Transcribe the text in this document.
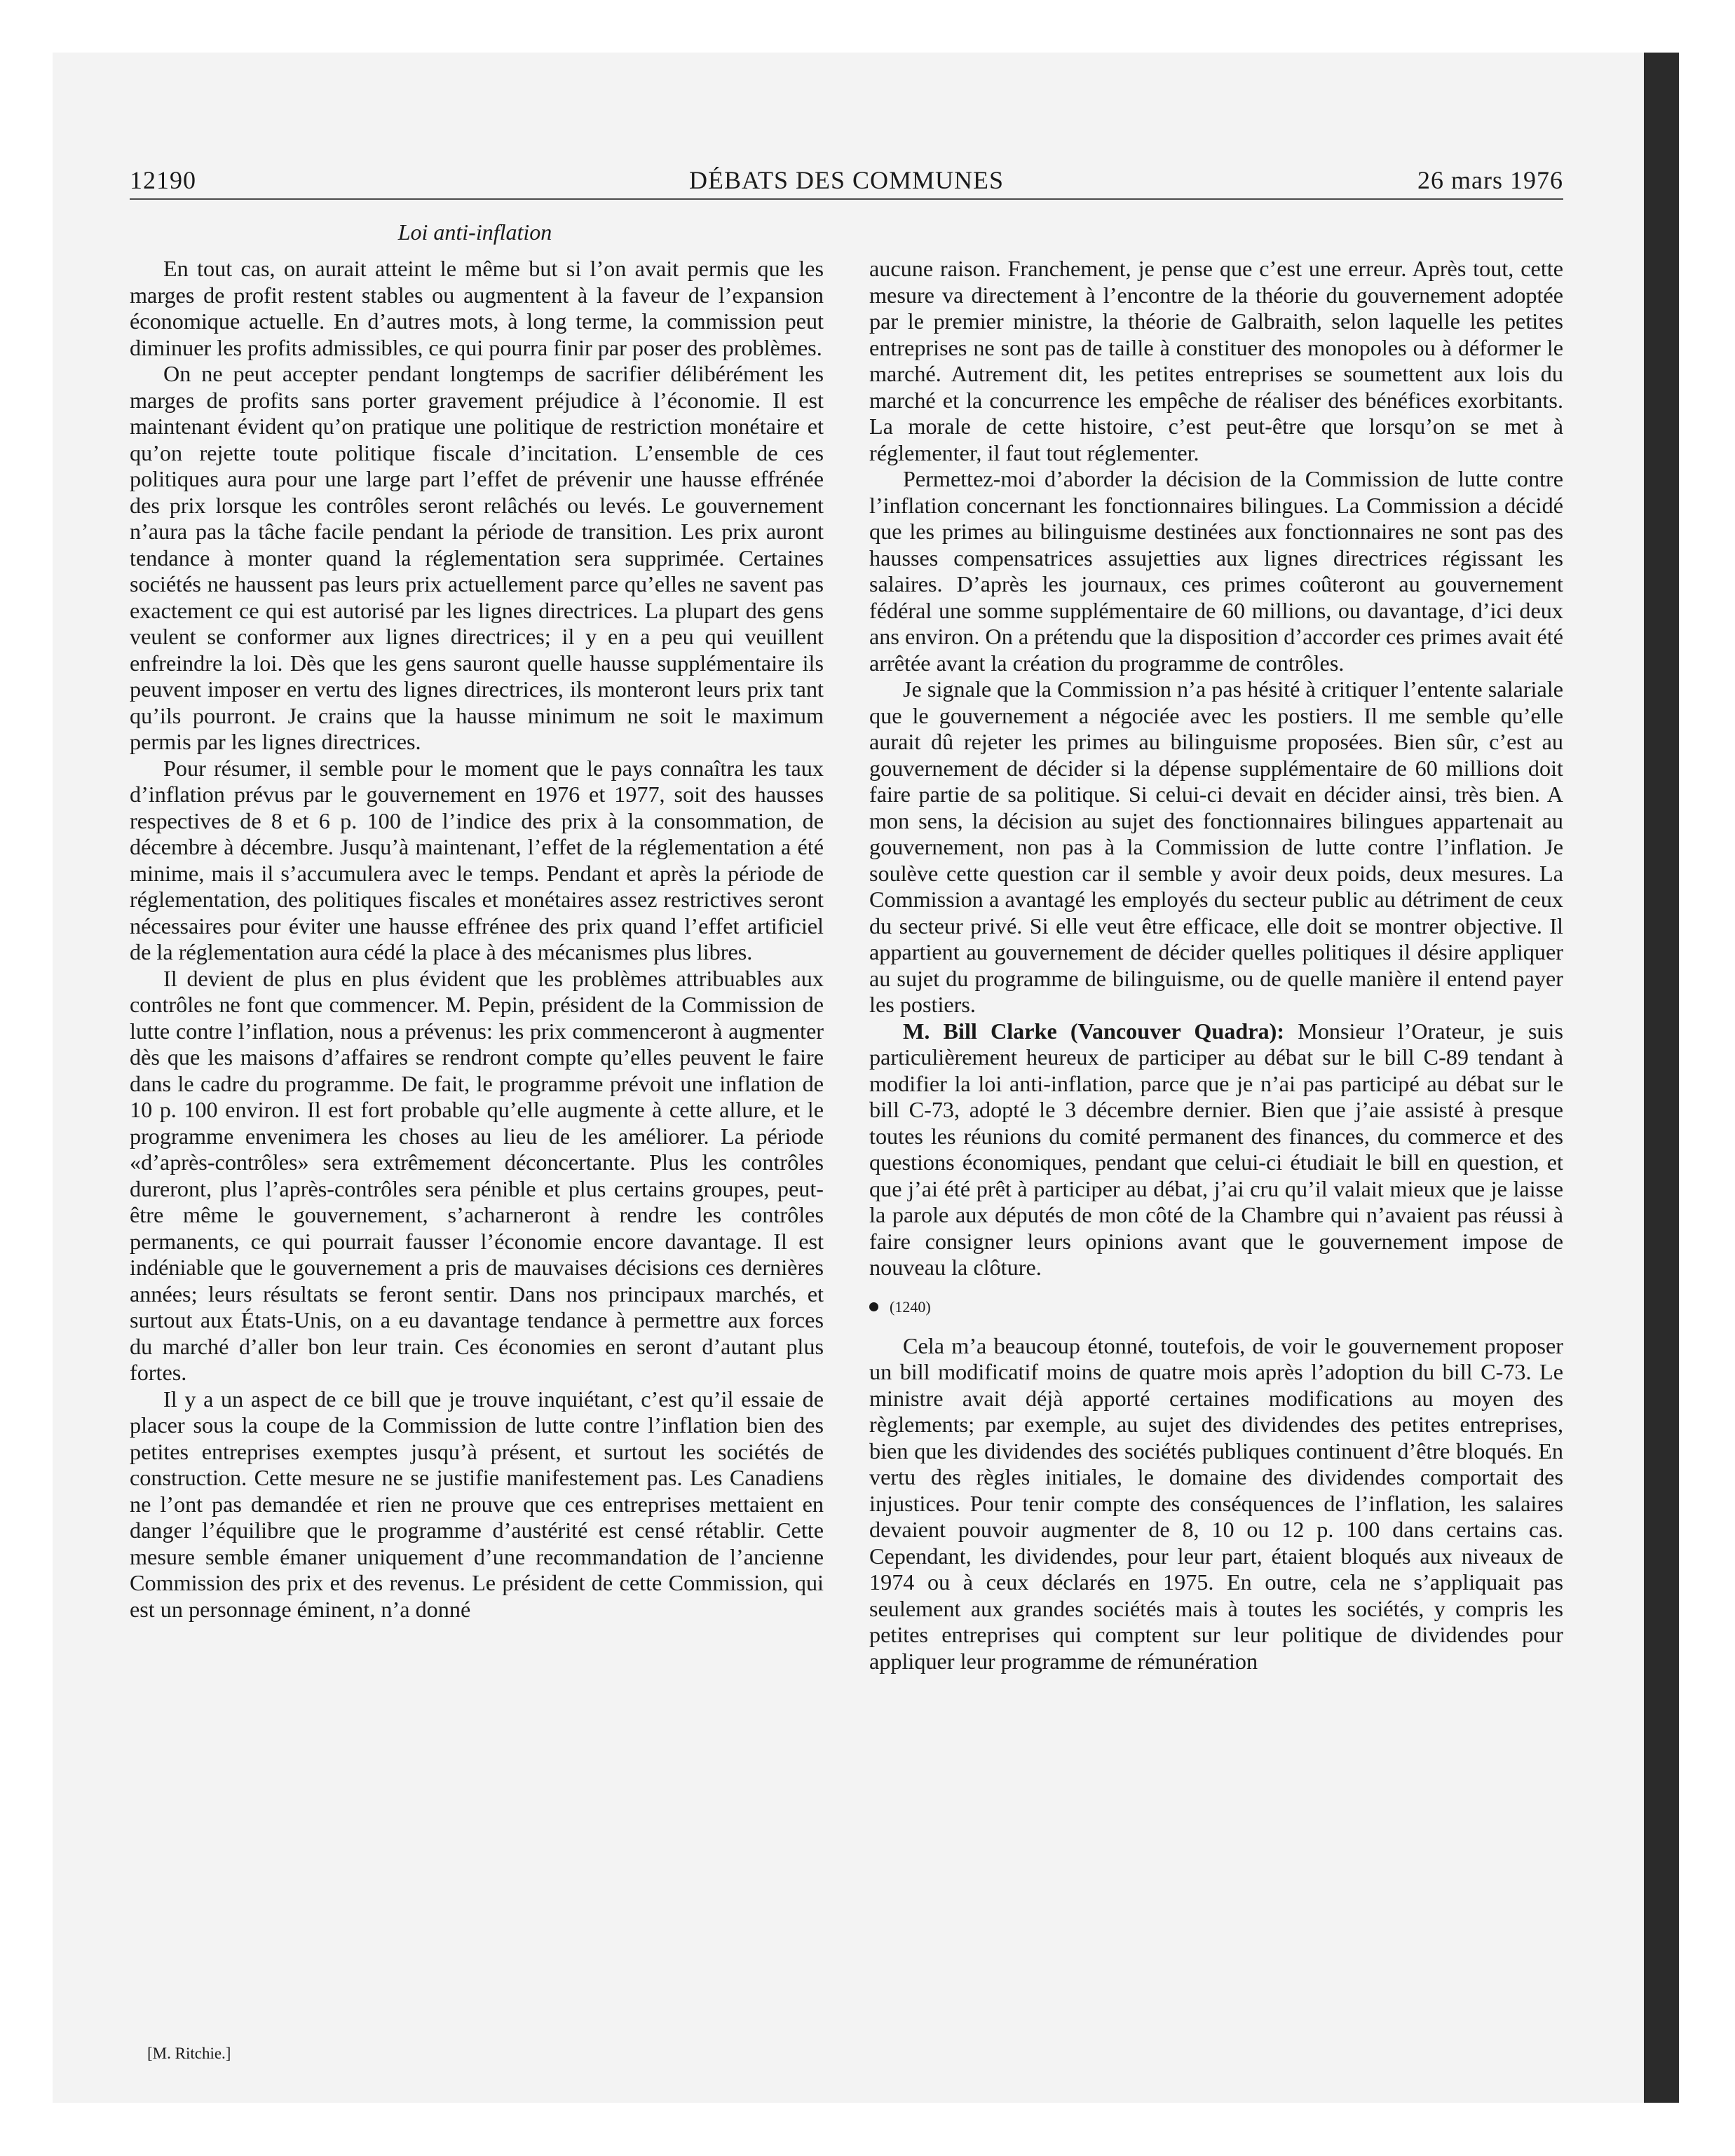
12190	DÉBATS DES COMMUNES	26 mars 1976
Loi anti-inflation

En tout cas, on aurait atteint le même but si l’on avait permis que les marges de profit restent stables ou augmentent à la faveur de l’expansion économique actuelle. En d’autres mots, à long terme, la commission peut diminuer les profits admissibles, ce qui pourra finir par poser des problèmes.

On ne peut accepter pendant longtemps de sacrifier délibérément les marges de profits sans porter gravement préjudice à l’économie. Il est maintenant évident qu’on pratique une politique de restriction monétaire et qu’on rejette toute politique fiscale d’incitation. L’ensemble de ces politiques aura pour une large part l’effet de prévenir une hausse effrénée des prix lorsque les contrôles seront relâchés ou levés. Le gouvernement n’aura pas la tâche facile pendant la période de transition. Les prix auront tendance à monter quand la réglementation sera supprimée. Certaines sociétés ne haussent pas leurs prix actuellement parce qu’elles ne savent pas exactement ce qui est autorisé par les lignes directrices. La plupart des gens veulent se conformer aux lignes directrices; il y en a peu qui veuillent enfreindre la loi. Dès que les gens sauront quelle hausse supplémentaire ils peuvent imposer en vertu des lignes directrices, ils monteront leurs prix tant qu’ils pourront. Je crains que la hausse minimum ne soit le maximum permis par les lignes directrices.

Pour résumer, il semble pour le moment que le pays connaîtra les taux d’inflation prévus par le gouvernement en 1976 et 1977, soit des hausses respectives de 8 et 6 p. 100 de l’indice des prix à la consommation, de décembre à décembre. Jusqu’à maintenant, l’effet de la réglementation a été minime, mais il s’accumulera avec le temps. Pendant et après la période de réglementation, des politiques fiscales et monétaires assez restrictives seront nécessaires pour éviter une hausse effrénee des prix quand l’effet artificiel de la réglementation aura cédé la place à des mécanismes plus libres.

Il devient de plus en plus évident que les problèmes attribuables aux contrôles ne font que commencer. M. Pepin, président de la Commission de lutte contre l’inflation, nous a prévenus: les prix commenceront à augmenter dès que les maisons d’affaires se rendront compte qu’elles peuvent le faire dans le cadre du programme. De fait, le programme prévoit une inflation de 10 p. 100 environ. Il est fort probable qu’elle augmente à cette allure, et le programme envenimera les choses au lieu de les améliorer. La période «d’après-contrôles» sera extrêmement déconcertante. Plus les contrôles dureront, plus l’après-contrôles sera pénible et plus certains groupes, peut-être même le gouvernement, s’acharneront à rendre les contrôles permanents, ce qui pourrait fausser l’économie encore davantage. Il est indéniable que le gouvernement a pris de mauvaises décisions ces dernières années; leurs résultats se feront sentir. Dans nos principaux marchés, et surtout aux États-Unis, on a eu davantage tendance à permettre aux forces du marché d’aller bon leur train. Ces économies en seront d’autant plus fortes.

Il y a un aspect de ce bill que je trouve inquiétant, c’est qu’il essaie de placer sous la coupe de la Commission de lutte contre l’inflation bien des petites entreprises exemptes jusqu’à présent, et surtout les sociétés de construction. Cette mesure ne se justifie manifestement pas. Les Canadiens ne l’ont pas demandée et rien ne prouve que ces entreprises mettaient en danger l’équilibre que le programme d’austérité est censé rétablir. Cette mesure semble émaner uniquement d’une recommandation de l’ancienne Commission des prix et des revenus. Le président de cette Commission, qui est un personnage éminent, n’a donné

aucune raison. Franchement, je pense que c’est une erreur. Après tout, cette mesure va directement à l’encontre de la théorie du gouvernement adoptée par le premier ministre, la théorie de Galbraith, selon laquelle les petites entreprises ne sont pas de taille à constituer des monopoles ou à déformer le marché. Autrement dit, les petites entreprises se soumettent aux lois du marché et la concurrence les empêche de réaliser des bénéfices exorbitants. La morale de cette histoire, c’est peut-être que lorsqu’on se met à réglementer, il faut tout réglementer.

Permettez-moi d’aborder la décision de la Commission de lutte contre l’inflation concernant les fonctionnaires bilingues. La Commission a décidé que les primes au bilinguisme destinées aux fonctionnaires ne sont pas des hausses compensatrices assujetties aux lignes directrices régissant les salaires. D’après les journaux, ces primes coûteront au gouvernement fédéral une somme supplémentaire de 60 millions, ou davantage, d’ici deux ans environ. On a prétendu que la disposition d’accorder ces primes avait été arrêtée avant la création du programme de contrôles.

Je signale que la Commission n’a pas hésité à critiquer l’entente salariale que le gouvernement a négociée avec les postiers. Il me semble qu’elle aurait dû rejeter les primes au bilinguisme proposées. Bien sûr, c’est au gouvernement de décider si la dépense supplémentaire de 60 millions doit faire partie de sa politique. Si celui-ci devait en décider ainsi, très bien. A mon sens, la décision au sujet des fonctionnaires bilingues appartenait au gouvernement, non pas à la Commission de lutte contre l’inflation. Je soulève cette question car il semble y avoir deux poids, deux mesures. La Commission a avantagé les employés du secteur public au détriment de ceux du secteur privé. Si elle veut être efficace, elle doit se montrer objective. Il appartient au gouvernement de décider quelles politiques il désire appliquer au sujet du programme de bilinguisme, ou de quelle manière il entend payer les postiers.

M. Bill Clarke (Vancouver Quadra): Monsieur l’Orateur, je suis particulièrement heureux de participer au débat sur le bill C-89 tendant à modifier la loi anti-inflation, parce que je n’ai pas participé au débat sur le bill C-73, adopté le 3 décembre dernier. Bien que j’aie assisté à presque toutes les réunions du comité permanent des finances, du commerce et des questions économiques, pendant que celui-ci étudiait le bill en question, et que j’ai été prêt à participer au débat, j’ai cru qu’il valait mieux que je laisse la parole aux députés de mon côté de la Chambre qui n’avaient pas réussi à faire consigner leurs opinions avant que le gouvernement impose de nouveau la clôture.

(1240)

Cela m’a beaucoup étonné, toutefois, de voir le gouvernement proposer un bill modificatif moins de quatre mois après l’adoption du bill C-73. Le ministre avait déjà apporté certaines modifications au moyen des règlements; par exemple, au sujet des dividendes des petites entreprises, bien que les dividendes des sociétés publiques continuent d’être bloqués. En vertu des règles initiales, le domaine des dividendes comportait des injustices. Pour tenir compte des conséquences de l’inflation, les salaires devaient pouvoir augmenter de 8, 10 ou 12 p. 100 dans certains cas. Cependant, les dividendes, pour leur part, étaient bloqués aux niveaux de 1974 ou à ceux déclarés en 1975. En outre, cela ne s’appliquait pas seulement aux grandes sociétés mais à toutes les sociétés, y compris les petites entreprises qui comptent sur leur politique de dividendes pour appliquer leur programme de rémunération

[M. Ritchie.]
